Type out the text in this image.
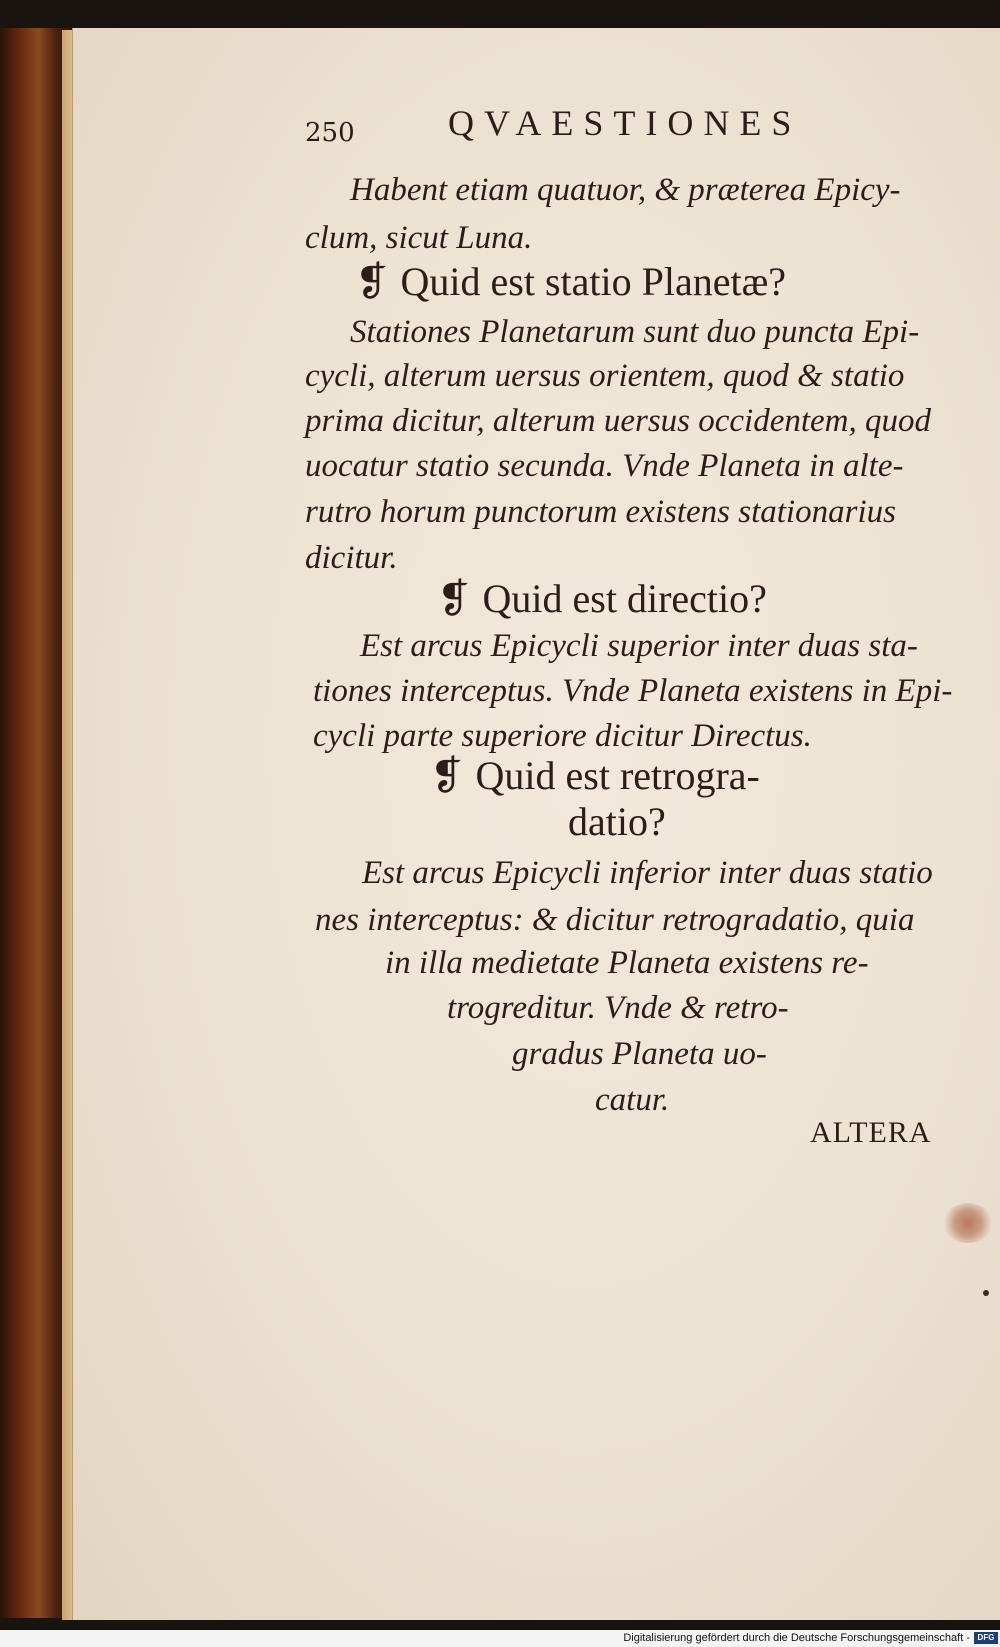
250	QVAESTIONES
Habent etiam quatuor, & præterea Epicy-
clum, sicut Luna.
❡ Quid est statio Planetæ?
Stationes Planetarum sunt duo puncta Epi-
cycli, alterum uersus orientem, quod & statio
prima dicitur, alterum uersus occidentem, quod
uocatur statio secunda. Vnde Planeta in alte-
rutro horum punctorum existens stationarius
dicitur.
❡ Quid est directio?
Est arcus Epicycli superior inter duas sta-
tiones interceptus. Vnde Planeta existens in Epi-
cycli parte superiore dicitur Directus.
❡ Quid est retrogra-
datio?
Est arcus Epicycli inferior inter duas statio
nes interceptus: & dicitur retrogradatio, quia
in illa medietate Planeta existens re-
trogreditur. Vnde & retro-
gradus Planeta uo-
catur.
ALTERA
Digitalisierung gefördert durch die Deutsche Forschungsgemeinschaft - DFG
